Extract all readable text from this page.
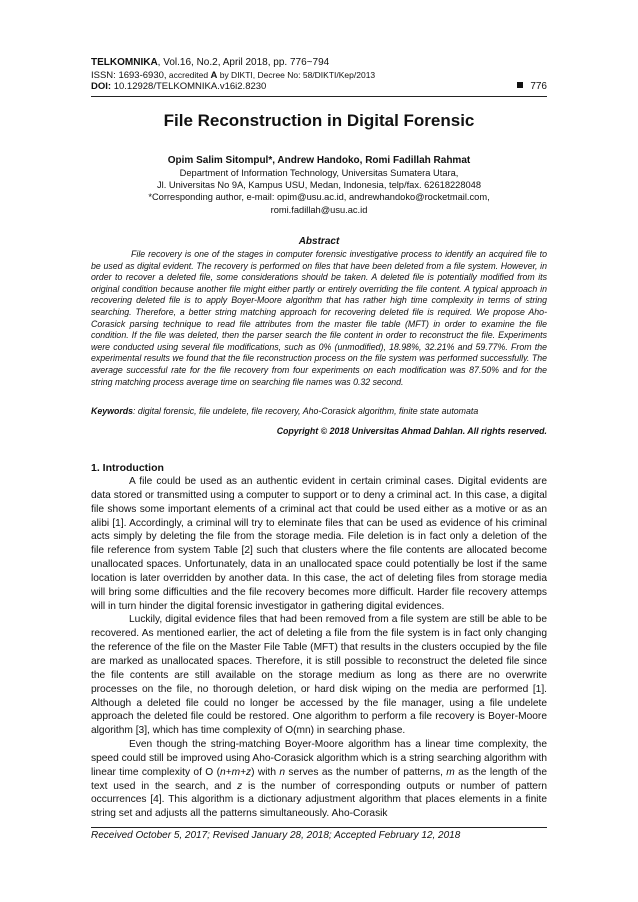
TELKOMNIKA, Vol.16, No.2, April 2018, pp. 776~794
ISSN: 1693-6930, accredited A by DIKTI, Decree No: 58/DIKTI/Kep/2013
DOI: 10.12928/TELKOMNIKA.v16i2.8230	776
File Reconstruction in Digital Forensic
Opim Salim Sitompul*, Andrew Handoko, Romi Fadillah Rahmat
Department of Information Technology, Universitas Sumatera Utara,
Jl. Universitas No 9A, Kampus USU, Medan, Indonesia, telp/fax. 62618228048
*Corresponding author, e-mail: opim@usu.ac.id, andrewhandoko@rocketmail.com,
romi.fadillah@usu.ac.id
Abstract

File recovery is one of the stages in computer forensic investigative process to identify an acquired file to be used as digital evident. The recovery is performed on files that have been deleted from a file system. However, in order to recover a deleted file, some considerations should be taken. A deleted file is potentially modified from its original condition because another file might either partly or entirely overriding the file content. A typical approach in recovering deleted file is to apply Boyer-Moore algorithm that has rather high time complexity in terms of string searching. Therefore, a better string matching approach for recovering deleted file is required. We propose Aho-Corasick parsing technique to read file attributes from the master file table (MFT) in order to examine the file condition. If the file was deleted, then the parser search the file content in order to reconstruct the file. Experiments were conducted using several file modifications, such as 0% (unmodified), 18.98%, 32.21% and 59.77%. From the experimental results we found that the file reconstruction process on the file system was performed successfully. The average successful rate for the file recovery from four experiments on each modification was 87.50% and for the string matching process average time on searching file names was 0.32 second.

Keywords: digital forensic, file undelete, file recovery, Aho-Corasick algorithm, finite state automata
Copyright © 2018 Universitas Ahmad Dahlan. All rights reserved.
1. Introduction

A file could be used as an authentic evident in certain criminal cases. Digital evidents are data stored or transmitted using a computer to support or to deny a criminal act. In this case, a digital file shows some important elements of a criminal act that could be used either as a motive or as an alibi [1]. Accordingly, a criminal will try to eleminate files that can be used as evidence of his criminal acts simply by deleting the file from the storage media. File deletion is in fact only a deletion of the file reference from system Table [2] such that clusters where the file contents are allocated become unallocated spaces. Unfortunately, data in an unallocated space could potentially be lost if the same location is later overridden by another data. In this case, the act of deleting files from storage media will bring some difficulties and the file recovery becomes more difficult. Harder file recovery attemps will in turn hinder the digital forensic investigator in gathering digital evidences.

Luckily, digital evidence files that had been removed from a file system are still be able to be recovered. As mentioned earlier, the act of deleting a file from the file system is in fact only changing the reference of the file on the Master File Table (MFT) that results in the clusters occupied by the file are marked as unallocated spaces. Therefore, it is still possible to reconstruct the deleted file since the file contents are still available on the storage medium as long as there are no overwrite processes on the file, no thorough deletion, or hard disk wiping on the media are performed [1]. Although a deleted file could no longer be accessed by the file manager, using a file undelete approach the deleted file could be restored. One algorithm to perform a file recovery is Boyer-Moore algorithm [3], which has time complexity of O(mn) in searching phase.

Even though the string-matching Boyer-Moore algorithm has a linear time complexity, the speed could still be improved using Aho-Corasick algorithm which is a string searching algorithm with linear time complexity of O (n+m+z) with n serves as the number of patterns, m as the length of the text used in the search, and z is the number of corresponding outputs or number of pattern occurrences [4]. This algorithm is a dictionary adjustment algorithm that places elements in a finite string set and adjusts all the patterns simultaneously. Aho-Corasik

Received October 5, 2017; Revised January 28, 2018; Accepted February 12, 2018
